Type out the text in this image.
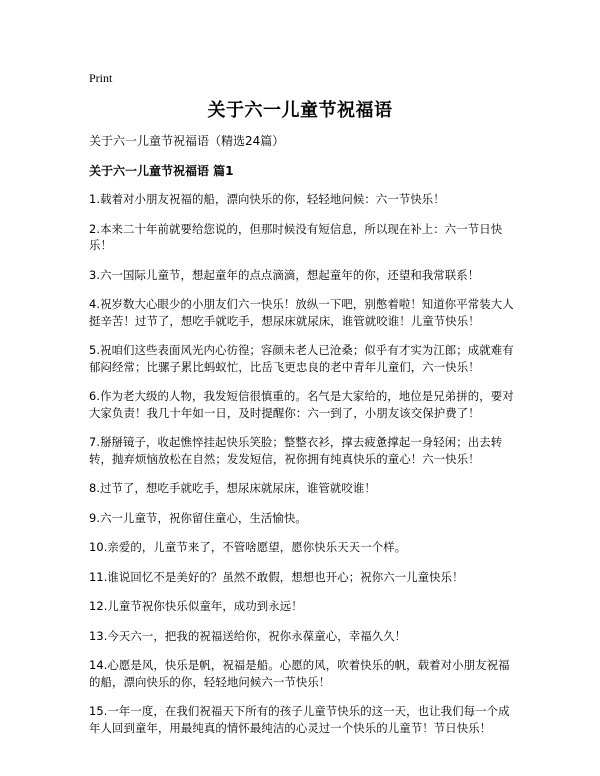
Print
关于六一儿童节祝福语
关于六一儿童节祝福语（精选24篇）
关于六一儿童节祝福语 篇1

1.载着对小朋友祝福的船，漂向快乐的你，轻轻地问候：六一节快乐！

2.本来二十年前就要给您说的，但那时候没有短信息，所以现在补上：六一节日快乐！

3.六一国际儿童节，想起童年的点点滴滴，想起童年的你，还望和我常联系！

4.祝岁数大心眼少的小朋友们六一快乐！放纵一下吧，别憋着啦！知道你平常装大人挺辛苦！过节了，想吃手就吃手，想尿床就尿床，谁管就咬谁！儿童节快乐！

5.祝咱们这些表面风光内心彷徨；容颜未老人已沧桑；似乎有才实为江郎；成就难有郁闷经常；比骡子累比蚂蚁忙，比岳飞更忠良的老中青年儿童们，六一快乐！

6.作为老大级的人物，我发短信很慎重的。名气是大家给的，地位是兄弟拼的，要对大家负责！我几十年如一日，及时提醒你：六一到了，小朋友该交保护费了！

7.掰掰镜子，收起憔悴挂起快乐笑脸；整整衣衫，撑去疲惫撑起一身轻闲；出去转转，抛弃烦恼放松在自然；发发短信，祝你拥有纯真快乐的童心！六一快乐！

8.过节了，想吃手就吃手，想尿床就尿床，谁管就咬谁！

9.六一儿童节，祝你留住童心，生活愉快。

10.亲爱的，儿童节来了，不管啥愿望，愿你快乐天天一个样。

11.谁说回忆不是美好的？虽然不敢假，想想也开心；祝你六一儿童快乐！

12.儿童节祝你快乐似童年，成功到永远！

13.今天六一，把我的祝福送给你，祝你永葆童心，幸福久久！

14.心愿是风，快乐是帆，祝福是船。心愿的风，吹着快乐的帆，载着对小朋友祝福的船，漂向快乐的你，轻轻地问候六一节快乐！

15.一年一度，在我们祝福天下所有的孩子儿童节快乐的这一天，也让我们每一个成年人回到童年，用最纯真的情怀最纯洁的心灵过一个快乐的儿童节！节日快乐！
